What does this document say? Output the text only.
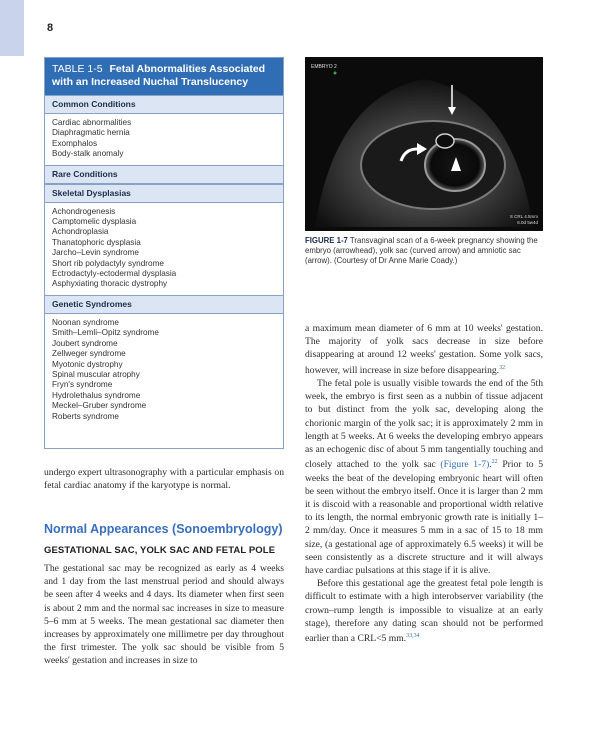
8
TABLE 1-5 Fetal Abnormalities Associated with an Increased Nuchal Translucency
Common Conditions
Cardiac abnormalities
Diaphragmatic hernia
Exomphalos
Body-stalk anomaly
Rare Conditions
Skeletal Dysplasias
Achondrogenesis
Camptomelic dysplasia
Achondroplasia
Thanatophoric dysplasia
Jarcho–Levin syndrome
Short rib polydactyly syndrome
Ectrodactyly-ectodermal dysplasia
Asphyxiating thoracic dystrophy
Genetic Syndromes
Noonan syndrome
Smith–Lemli–Opitz syndrome
Joubert syndrome
Zellweger syndrome
Myotonic dystrophy
Spinal muscular atrophy
Fryn's syndrome
Hydrolethalus syndrome
Meckel–Gruber syndrome
Roberts syndrome
EMBRYO 2
S CRL 4.5mm
6.0d 5w4d
FIGURE 1-7 Transvaginal scan of a 6-week pregnancy showing the embryo (arrowhead), yolk sac (curved arrow) and amniotic sac (arrow). (Courtesy of Dr Anne Marie Coady.)

undergo expert ultrasonography with a particular emphasis on fetal cardiac anatomy if the karyotype is normal.

Normal Appearances (Sonoembryology)
GESTATIONAL SAC, YOLK SAC AND FETAL POLE

The gestational sac may be recognized as early as 4 weeks and 1 day from the last menstrual period and should always be seen after 4 weeks and 4 days. Its diameter when first seen is about 2 mm and the normal sac increases in size to measure 5–6 mm at 5 weeks. The mean gestational sac diameter then increases by approximately one millimetre per day throughout the first trimester. The yolk sac should be visible from 5 weeks' gestation and increases in size to

a maximum mean diameter of 6 mm at 10 weeks' gestation. The majority of yolk sacs decrease in size before disappearing at around 12 weeks' gestation. Some yolk sacs, however, will increase in size before disappearing.$^{32}$

The fetal pole is usually visible towards the end of the 5th week, the embryo is first seen as a nubbin of tissue adjacent to but distinct from the yolk sac, developing along the chorionic margin of the yolk sac; it is approximately 2 mm in length at 5 weeks. At 6 weeks the developing embryo appears as an echogenic disc of about 5 mm tangentially touching and closely attached to the yolk sac (Figure 1-7).$^{22}$ Prior to 5 weeks the beat of the developing embryonic heart will often be seen without the embryo itself. Once it is larger than 2 mm it is discoid with a reasonable and proportional width relative to its length, the normal embryonic growth rate is initially 1–2 mm/day. Once it measures 5 mm in a sac of 15 to 18 mm size, (a gestational age of approximately 6.5 weeks) it will be seen consistently as a discrete structure and it will always have cardiac pulsations at this stage if it is alive.

Before this gestational age the greatest fetal pole length is difficult to estimate with a high interobserver variability (the crown–rump length is impossible to visualize at an early stage), therefore any dating scan should not be performed earlier than a CRL<5 mm.$^{33,34}$
